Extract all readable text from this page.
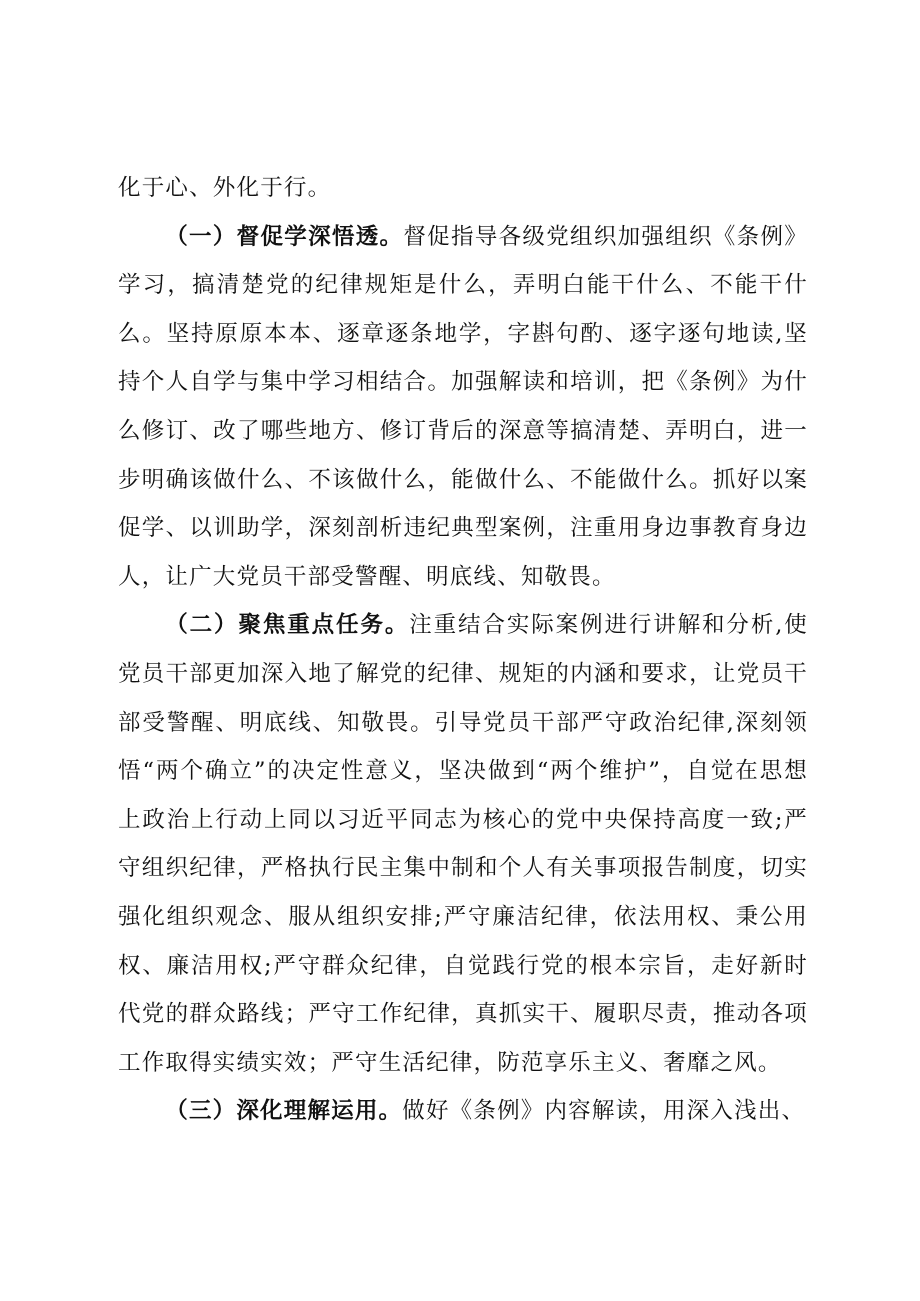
化于心、外化于行。

（一）督促学深悟透。督促指导各级党组织加强组织《条例》学习，搞清楚党的纪律规矩是什么，弄明白能干什么、不能干什么。坚持原原本本、逐章逐条地学，字斟句酌、逐字逐句地读,坚持个人自学与集中学习相结合。加强解读和培训，把《条例》为什么修订、改了哪些地方、修订背后的深意等搞清楚、弄明白，进一步明确该做什么、不该做什么，能做什么、不能做什么。抓好以案促学、以训助学，深刻剖析违纪典型案例，注重用身边事教育身边人，让广大党员干部受警醒、明底线、知敬畏。

（二）聚焦重点任务。注重结合实际案例进行讲解和分析,使党员干部更加深入地了解党的纪律、规矩的内涵和要求，让党员干部受警醒、明底线、知敬畏。引导党员干部严守政治纪律,深刻领悟“两个确立”的决定性意义，坚决做到“两个维护”，自觉在思想上政治上行动上同以习近平同志为核心的党中央保持高度一致;严守组织纪律，严格执行民主集中制和个人有关事项报告制度，切实强化组织观念、服从组织安排;严守廉洁纪律，依法用权、秉公用权、廉洁用权;严守群众纪律，自觉践行党的根本宗旨，走好新时代党的群众路线；严守工作纪律，真抓实干、履职尽责，推动各项工作取得实绩实效；严守生活纪律，防范享乐主义、奢靡之风。

（三）深化理解运用。做好《条例》内容解读，用深入浅出、
